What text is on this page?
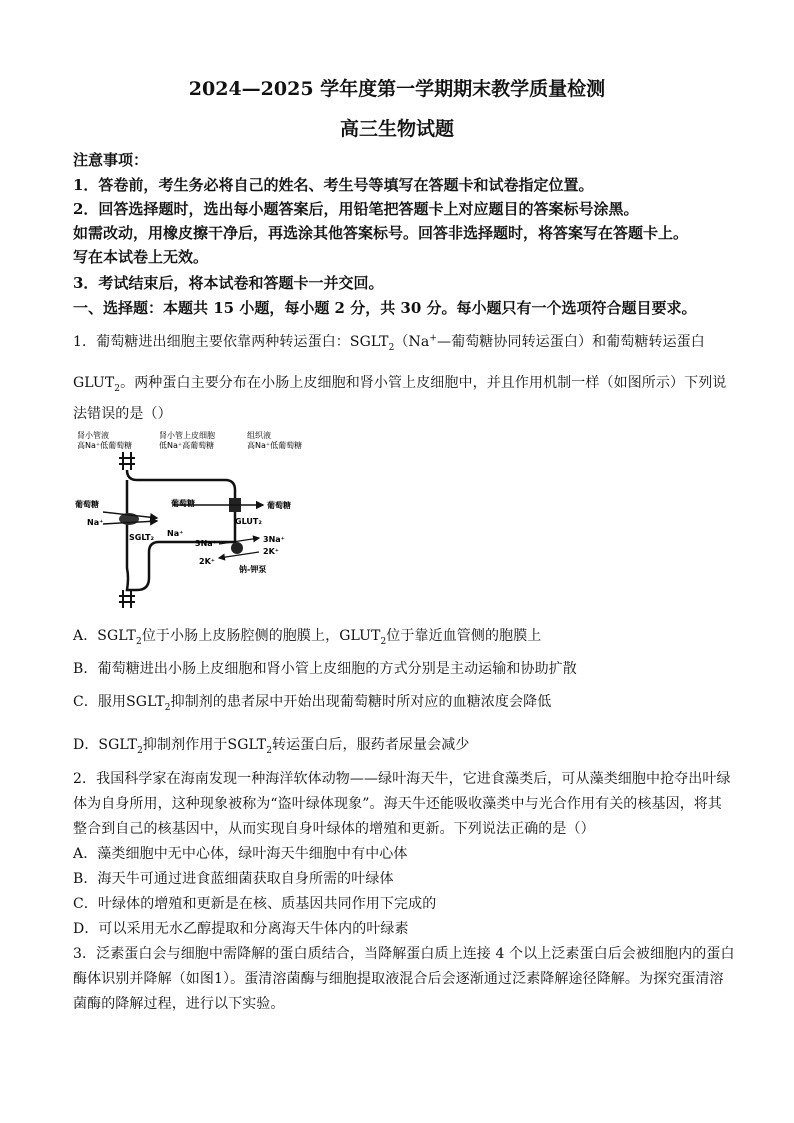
2024—2025 学年度第一学期期末教学质量检测
高三生物试题
注意事项：
1．答卷前，考生务必将自己的姓名、考生号等填写在答题卡和试卷指定位置。
2．回答选择题时，选出每小题答案后，用铅笔把答题卡上对应题目的答案标号涂黑。
如需改动，用橡皮擦干净后，再选涂其他答案标号。回答非选择题时，将答案写在答题卡上。
写在本试卷上无效。
3．考试结束后，将本试卷和答题卡一并交回。
一、选择题：本题共 15 小题，每小题 2 分，共 30 分。每小题只有一个选项符合题目要求。
1．葡萄糖进出细胞主要依靠两种转运蛋白：$SGLT_2(Na^+—$葡萄糖协同转运蛋白）和葡萄糖转运蛋白
$GLUT_2$。两种蛋白主要分布在小肠上皮细胞和肾小管上皮细胞中，并且作用机制一样（如图所示）下列说
法错误的是（）
肾小管液
高Na⁺低葡萄糖
肾小管上皮细胞
低Na⁺高葡萄糖
组织液
高Na⁺低葡萄糖
葡萄糖
Na⁺
SGLT₂ Na⁺
葡萄糖	葡萄糖
GLUT₂
3Na⁺
2K⁺
3Na⁺
2K⁺
钠-钾泵
A．$SGLT_2$位于小肠上皮肠腔侧的胞膜上，$GLUT_2$位于靠近血管侧的胞膜上
B．葡萄糖进出小肠上皮细胞和肾小管上皮细胞的方式分别是主动运输和协助扩散
C．服用$SGLT_2$抑制剂的患者尿中开始出现葡萄糖时所对应的血糖浓度会降低
D．$SGLT_2$抑制剂作用于$SGLT_2$转运蛋白后，服药者尿量会减少
2．我国科学家在海南发现一种海洋软体动物——绿叶海天牛，它进食藻类后，可从藻类细胞中抢夺出叶绿
体为自身所用，这种现象被称为“盗叶绿体现象”。海天牛还能吸收藻类中与光合作用有关的核基因，将其
整合到自己的核基因中，从而实现自身叶绿体的增殖和更新。下列说法正确的是（）
A．藻类细胞中无中心体，绿叶海天牛细胞中有中心体
B．海天牛可通过进食蓝细菌获取自身所需的叶绿体
C．叶绿体的增殖和更新是在核、质基因共同作用下完成的
D．可以采用无水乙醇提取和分离海天牛体内的叶绿素
3．泛素蛋白会与细胞中需降解的蛋白质结合，当降解蛋白质上连接 4 个以上泛素蛋白后会被细胞内的蛋白
酶体识别并降解（如图1）。蛋清溶菌酶与细胞提取液混合后会逐渐通过泛素降解途径降解。为探究蛋清溶
菌酶的降解过程，进行以下实验。
